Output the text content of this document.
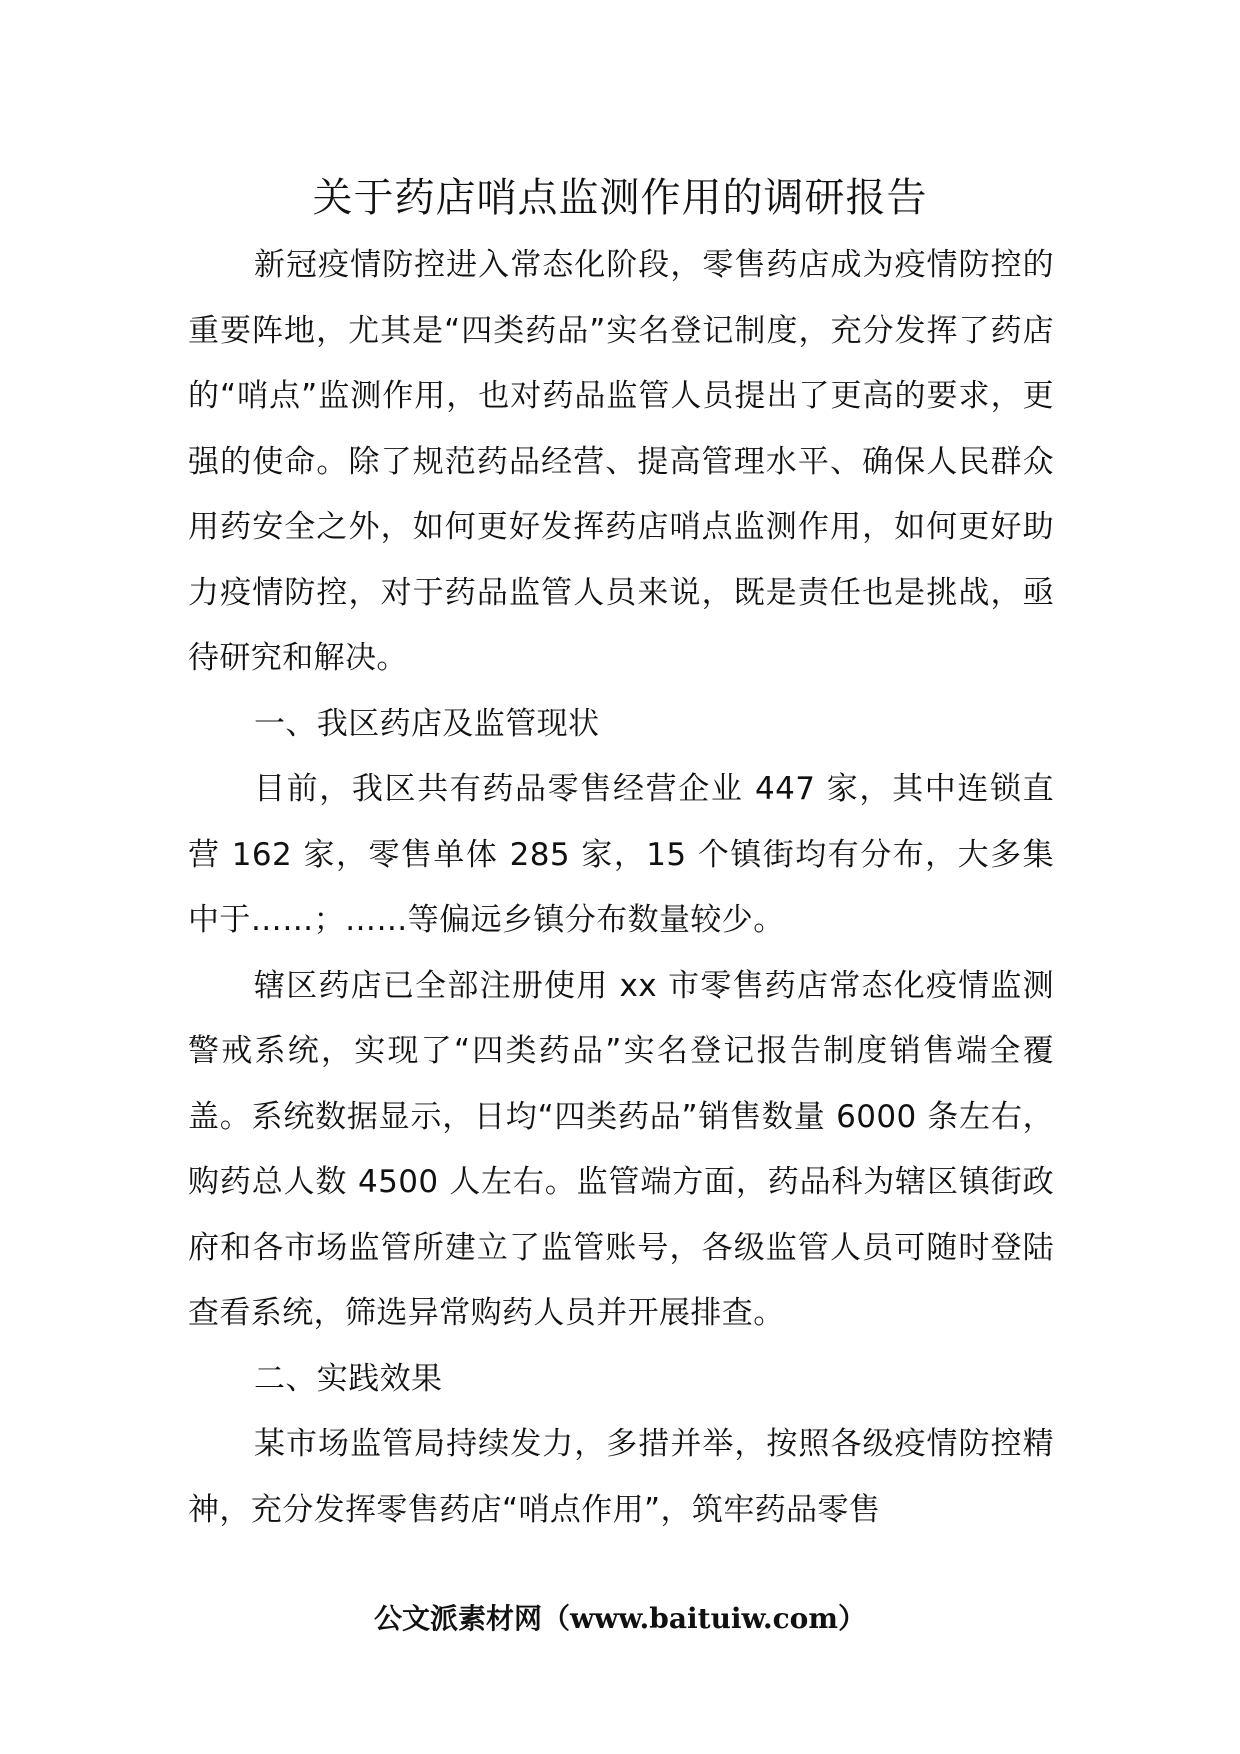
关于药店哨点监测作用的调研报告

新冠疫情防控进入常态化阶段，零售药店成为疫情防控的重要阵地，尤其是“四类药品”实名登记制度，充分发挥了药店的“哨点”监测作用，也对药品监管人员提出了更高的要求，更强的使命。除了规范药品经营、提高管理水平、确保人民群众用药安全之外，如何更好发挥药店哨点监测作用，如何更好助力疫情防控，对于药品监管人员来说，既是责任也是挑战，亟待研究和解决。

一、我区药店及监管现状

目前，我区共有药品零售经营企业 447 家，其中连锁直营 162 家，零售单体 285 家，15 个镇街均有分布，大多集中于……；……等偏远乡镇分布数量较少。

辖区药店已全部注册使用 xx 市零售药店常态化疫情监测警戒系统，实现了“四类药品”实名登记报告制度销售端全覆盖。系统数据显示，日均“四类药品”销售数量 6000 条左右，购药总人数 4500 人左右。监管端方面，药品科为辖区镇街政府和各市场监管所建立了监管账号，各级监管人员可随时登陆查看系统，筛选异常购药人员并开展排查。

二、实践效果

某市场监管局持续发力，多措并举，按照各级疫情防控精神，充分发挥零售药店“哨点作用”，筑牢药品零售

公文派素材网（www.baituiw.com）
